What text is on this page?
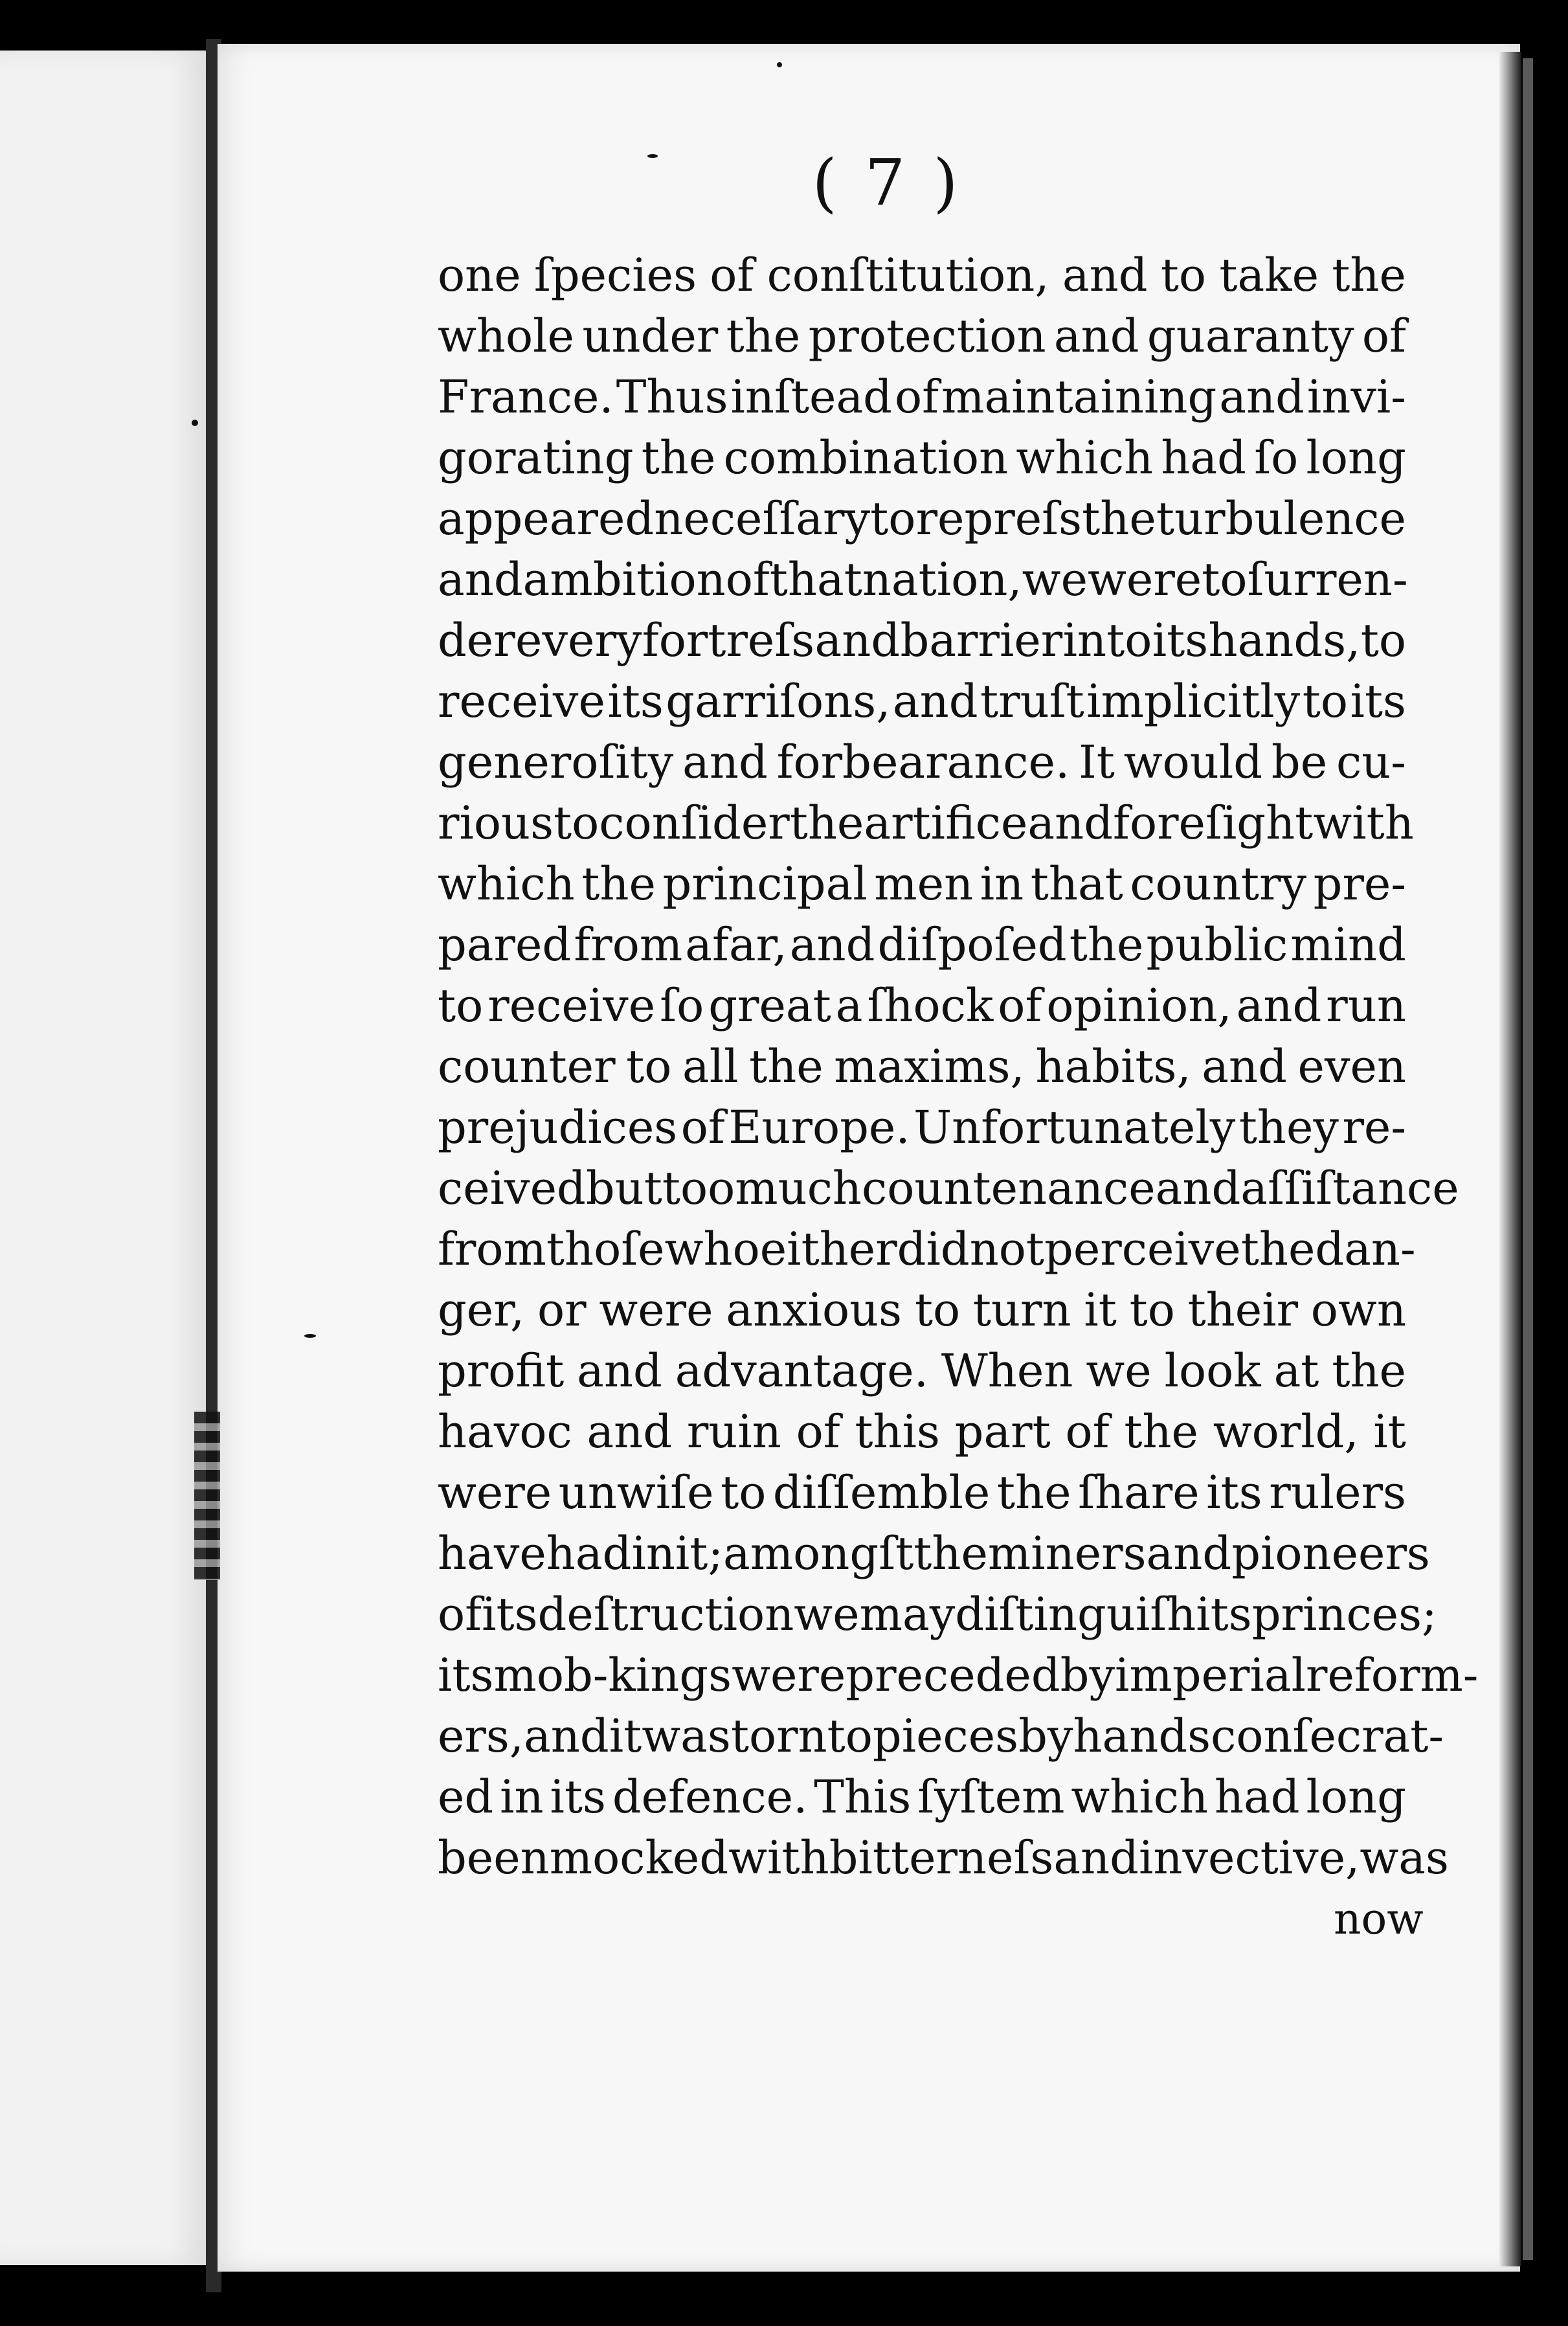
( 7 )
one ſpecies of conſtitution, and to take the
whole under the protection and guaranty of
France. Thus inſtead of maintaining and invi-
gorating the combination which had ſo long
appeared neceſſary to repreſs the turbulence
and ambition of that nation, we were to ſurren-
der every fortreſs and barrier into its hands, to
receive its garriſons, and truſt implicitly to its
generoſity and forbearance. It would be cu-
rious to conſider the artifice and foreſight with
which the principal men in that country pre-
pared from afar, and diſpoſed the public mind
to receive ſo great a ſhock of opinion, and run
counter to all the maxims, habits, and even
prejudices of Europe. Unfortunately they re-
ceived but too much countenance and aſſiſtance
from thoſe who either did not perceive the dan-
ger, or were anxious to turn it to their own
profit and advantage. When we look at the
havoc and ruin of this part of the world, it
were unwiſe to diſſemble the ſhare its rulers
have had in it ; amongſt the miners and pioneers
of its deſtruction we may diſtinguiſh its princes ;
its mob-kings were preceded by imperial reform-
ers, and it was torn to pieces by hands conſecrat-
ed in its defence. This ſyſtem which had long
been mocked with bitterneſs and invective, was
now
